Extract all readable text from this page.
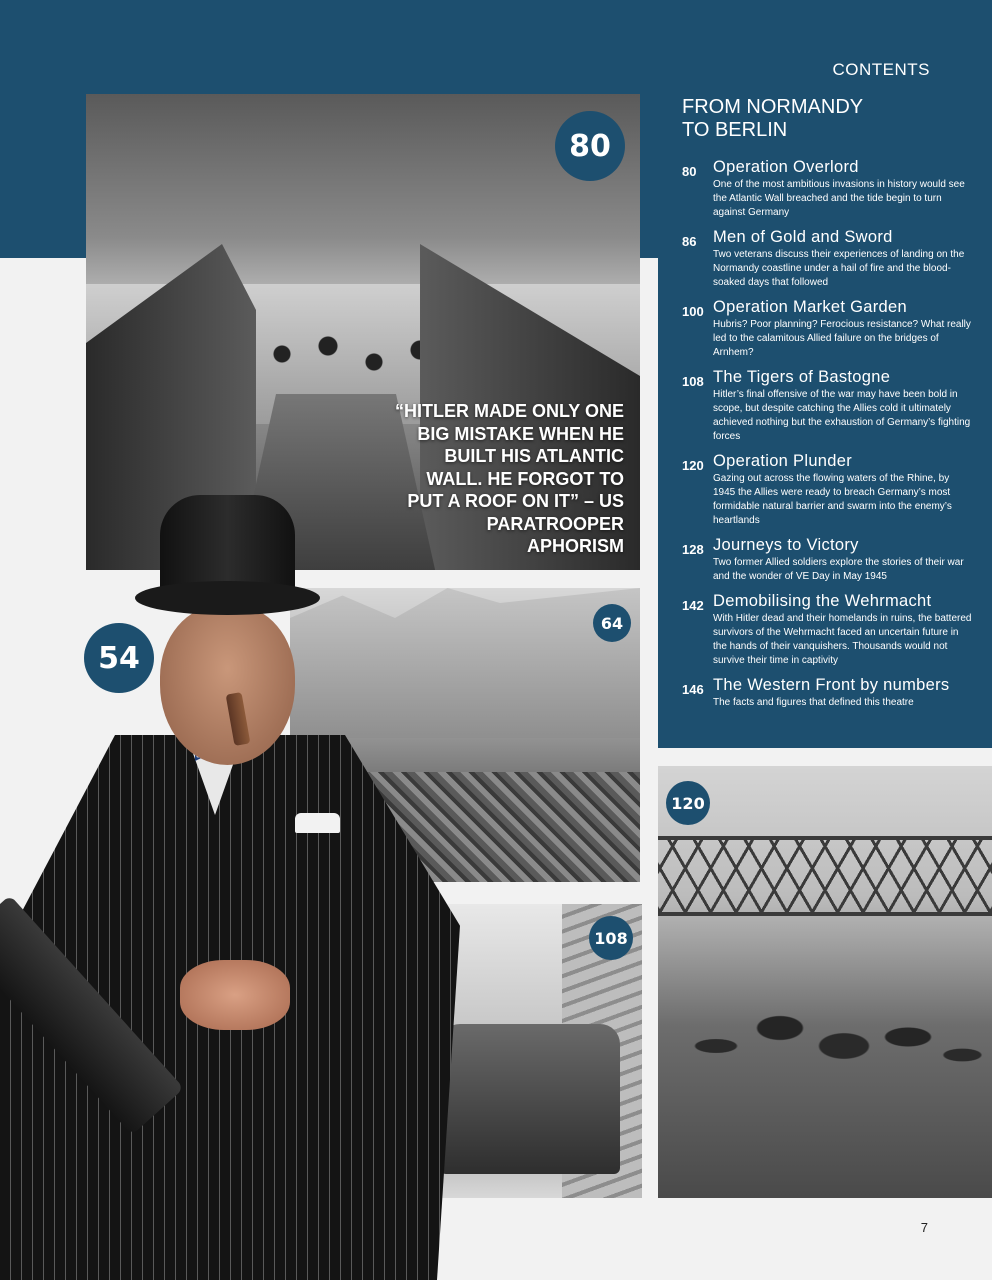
CONTENTS
FROM NORMANDY
TO BERLIN
80	Operation Overlord
One of the most ambitious invasions in history would see the Atlantic Wall breached and the tide begin to turn against Germany
86	Men of Gold and Sword
Two veterans discuss their experiences of landing on the Normandy coastline under a hail of fire and the blood-soaked days that followed
100 Operation Market Garden
Hubris? Poor planning? Ferocious resistance? What really led to the calamitous Allied failure on the bridges of Arnhem?
108 The Tigers of Bastogne
Hitler’s final offensive of the war may have been bold in scope, but despite catching the Allies cold it ultimately achieved nothing but the exhaustion of Germany’s fighting forces
120 Operation Plunder
Gazing out across the flowing waters of the Rhine, by 1945 the Allies were ready to breach Germany’s most formidable natural barrier and swarm into the enemy’s heartlands
128 Journeys to Victory
Two former Allied soldiers explore the stories of their war and the wonder of VE Day in May 1945
142 Demobilising the Wehrmacht
With Hitler dead and their homelands in ruins, the battered survivors of the Wehrmacht faced an uncertain future in the hands of their vanquishers. Thousands would not survive their time in captivity
146 The Western Front by numbers
The facts and figures that defined this theatre
“HITLER MADE ONLY ONE BIG MISTAKE WHEN HE BUILT HIS ATLANTIC WALL. HE FORGOT TO PUT A ROOF ON IT” – US PARATROOPER APHORISM
80
54
64
108
120
7
